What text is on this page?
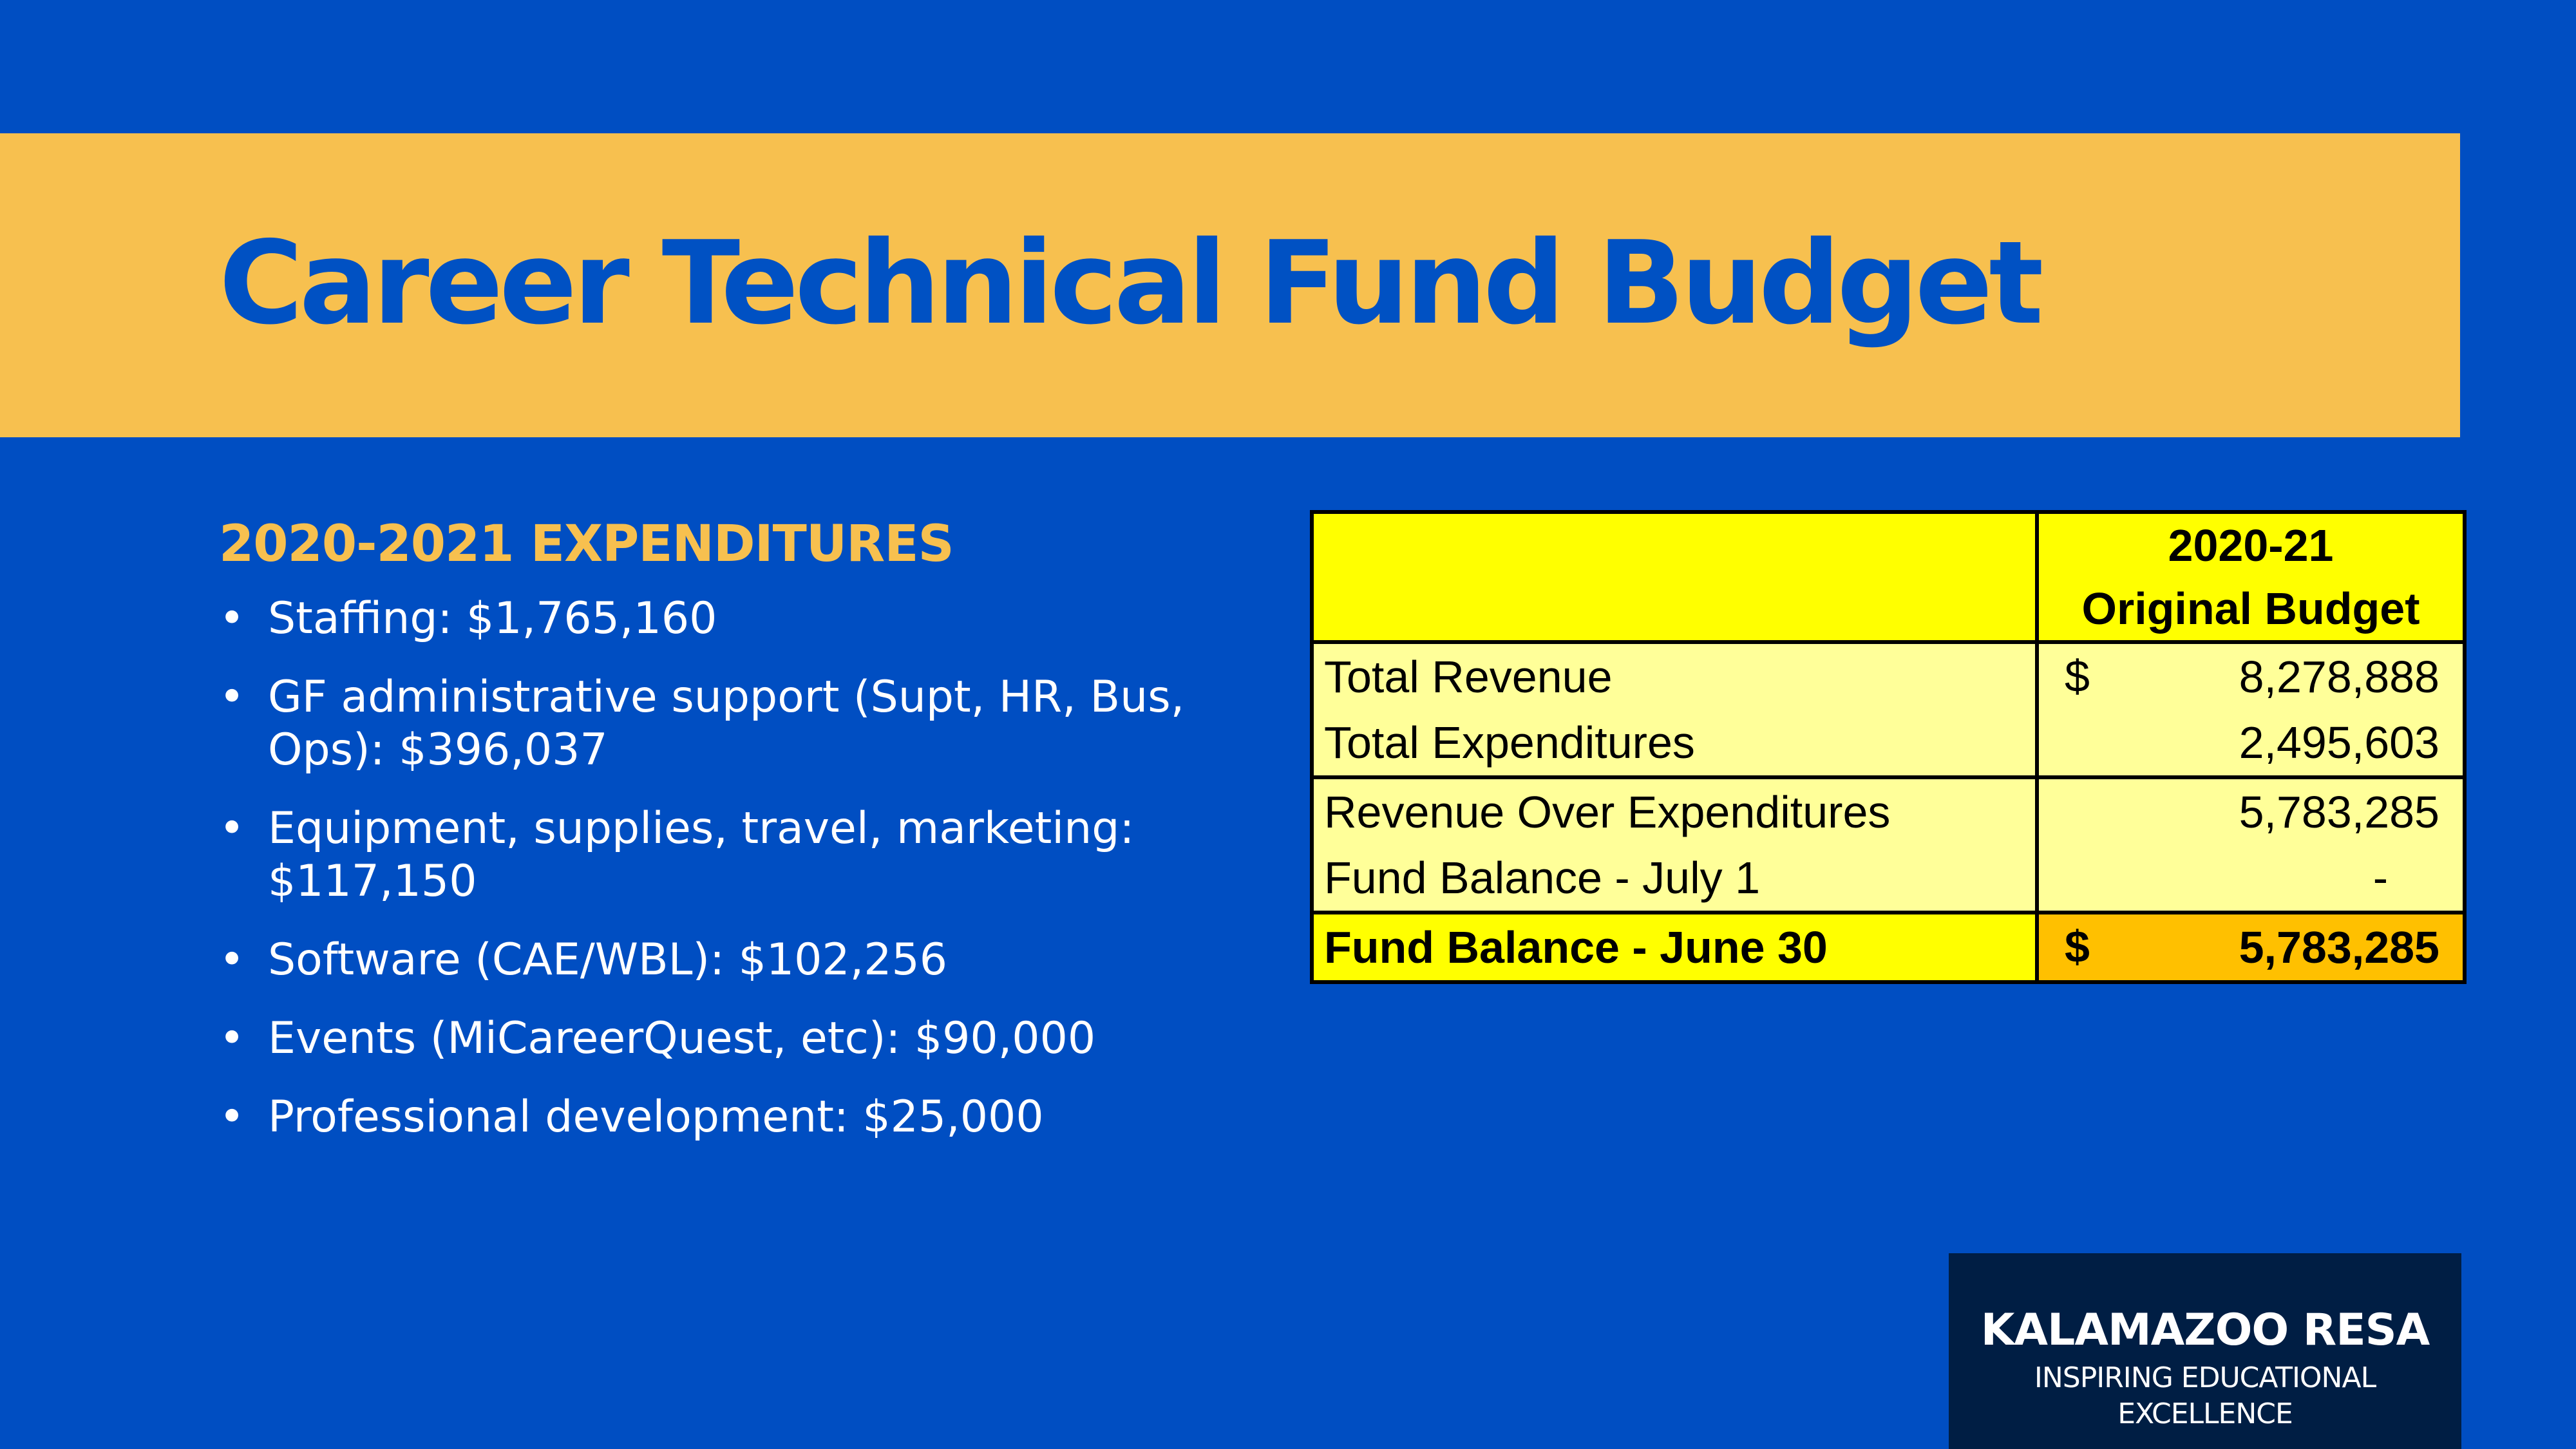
Career Technical Fund Budget
2020-2021 EXPENDITURES
• Staffing: $1,765,160
• GF administrative support (Supt, HR, Bus, Ops): $396,037
• Equipment, supplies, travel, marketing: $117,150
• Software (CAE/WBL): $102,256
• Events (MiCareerQuest, etc): $90,000
• Professional development: $25,000

	2020-21
Original Budget

Total Revenue	$ 8,278,888

Total Expenditures	2,495,603

Revenue Over Expenditures	5,783,285

Fund Balance - July 1	-

Fund Balance - June 30	$ 5,783,285
KALAMAZOO RESA
INSPIRING EDUCATIONAL EXCELLENCE
